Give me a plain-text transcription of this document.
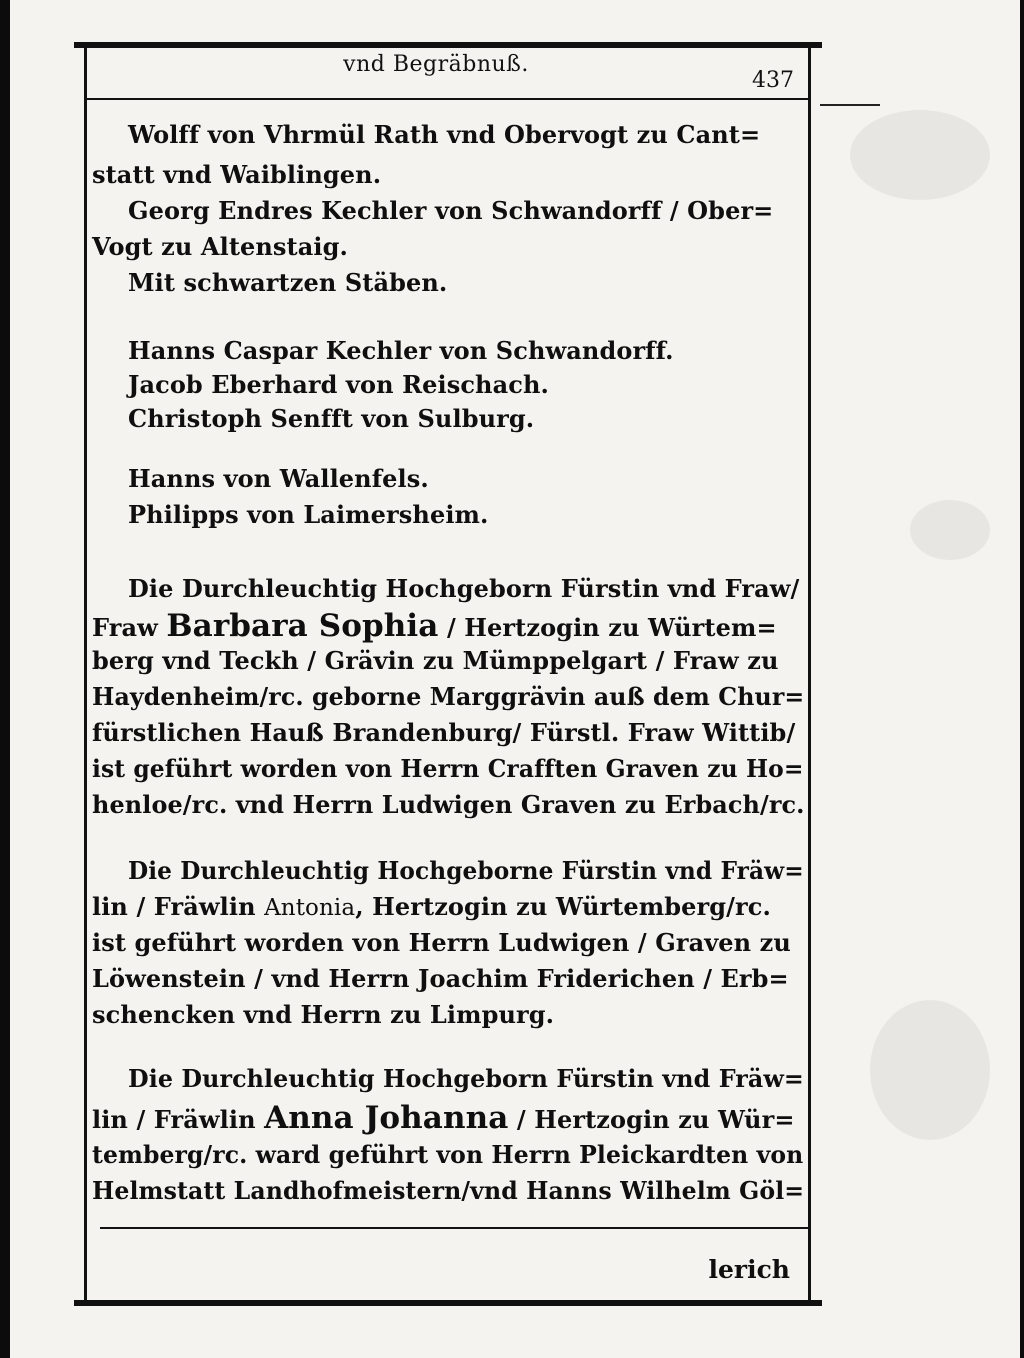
vnd Begräbnuß.
437
Wolff von Vhrmül Rath vnd Obervogt zu Cant=
statt vnd Waiblingen.
Georg Endres Kechler von Schwandorff / Ober=
Vogt zu Altenstaig.
Mit schwartzen Stäben.
Hanns Caspar Kechler von Schwandorff.
Jacob Eberhard von Reischach.
Christoph Senfft von Sulburg.
Hanns von Wallenfels.
Philipps von Laimersheim.
Die Durchleuchtig Hochgeborn Fürstin vnd Fraw/
Fraw Barbara Sophia / Hertzogin zu Würtem=
berg vnd Teckh / Grävin zu Mümppelgart / Fraw zu
Haydenheim/rc. geborne Marggrävin auß dem Chur=
fürstlichen Hauß Brandenburg/ Fürstl. Fraw Wittib/
ist geführt worden von Herrn Crafften Graven zu Ho=
henloe/rc. vnd Herrn Ludwigen Graven zu Erbach/rc.
Die Durchleuchtig Hochgeborne Fürstin vnd Fräw=
lin / Fräwlin Antonia, Hertzogin zu Würtemberg/rc.
ist geführt worden von Herrn Ludwigen / Graven zu
Löwenstein / vnd Herrn Joachim Friderichen / Erb=
schencken vnd Herrn zu Limpurg.
Die Durchleuchtig Hochgeborn Fürstin vnd Fräw=
lin / Fräwlin Anna Johanna / Hertzogin zu Wür=
temberg/rc. ward geführt von Herrn Pleickardten von
Helmstatt Landhofmeistern/vnd Hanns Wilhelm Göl=
lerich
